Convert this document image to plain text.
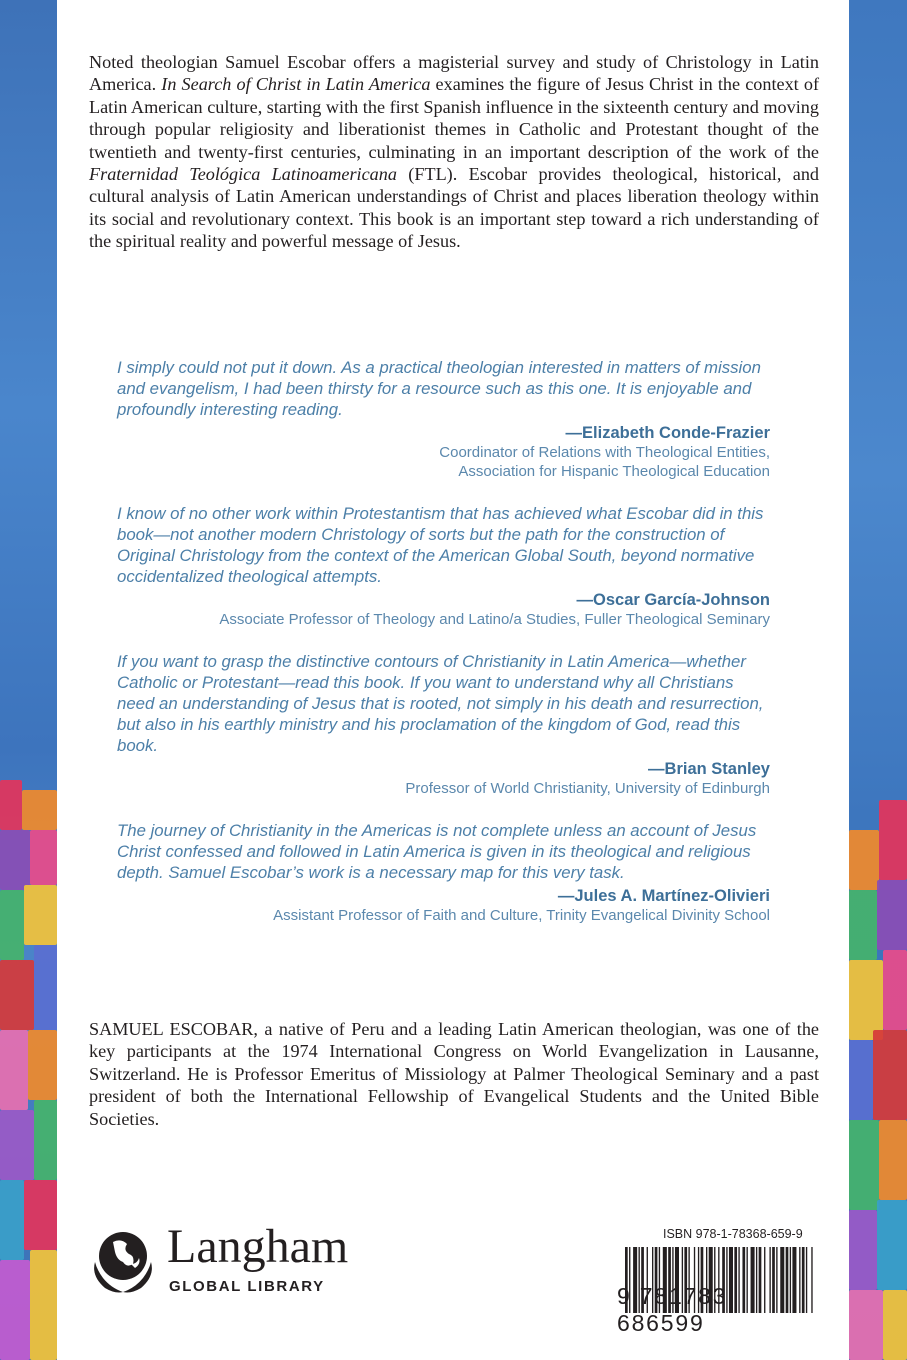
Noted theologian Samuel Escobar offers a magisterial survey and study of Christology in Latin America. In Search of Christ in Latin America examines the figure of Jesus Christ in the context of Latin American culture, starting with the first Spanish influence in the sixteenth century and moving through popular religiosity and liberationist themes in Catholic and Protestant thought of the twentieth and twenty-first centuries, culminating in an important description of the work of the Fraternidad Teológica Latinoamericana (FTL). Escobar provides theological, historical, and cultural analysis of Latin American understandings of Christ and places liberation theology within its social and revolutionary context. This book is an important step toward a rich understanding of the spiritual reality and powerful message of Jesus.

I simply could not put it down. As a practical theologian interested in matters of mission and evangelism, I had been thirsty for a resource such as this one. It is enjoyable and profoundly interesting reading.

—Elizabeth Conde-Frazier
Coordinator of Relations with Theological Entities,
Association for Hispanic Theological Education

I know of no other work within Protestantism that has achieved what Escobar did in this book—not another modern Christology of sorts but the path for the construction of Original Christology from the context of the American Global South, beyond normative occidentalized theological attempts.

—Oscar García-Johnson
Associate Professor of Theology and Latino/a Studies, Fuller Theological Seminary

If you want to grasp the distinctive contours of Christianity in Latin America—whether Catholic or Protestant—read this book. If you want to understand why all Christians need an understanding of Jesus that is rooted, not simply in his death and resurrection, but also in his earthly ministry and his proclamation of the kingdom of God, read this book.

—Brian Stanley
Professor of World Christianity, University of Edinburgh

The journey of Christianity in the Americas is not complete unless an account of Jesus Christ confessed and followed in Latin America is given in its theological and religious depth. Samuel Escobar’s work is a necessary map for this very task.

—Jules A. Martínez-Olivieri
Assistant Professor of Faith and Culture, Trinity Evangelical Divinity School

SAMUEL ESCOBAR, a native of Peru and a leading Latin American theologian, was one of the key participants at the 1974 International Congress on World Evangelization in Lausanne, Switzerland. He is Professor Emeritus of Missiology at Palmer Theological Seminary and a past president of both the International Fellowship of Evangelical Students and the United Bible Societies.

Langham
GLOBAL LIBRARY
ISBN 978-1-78368-659-9
9 781783 686599
